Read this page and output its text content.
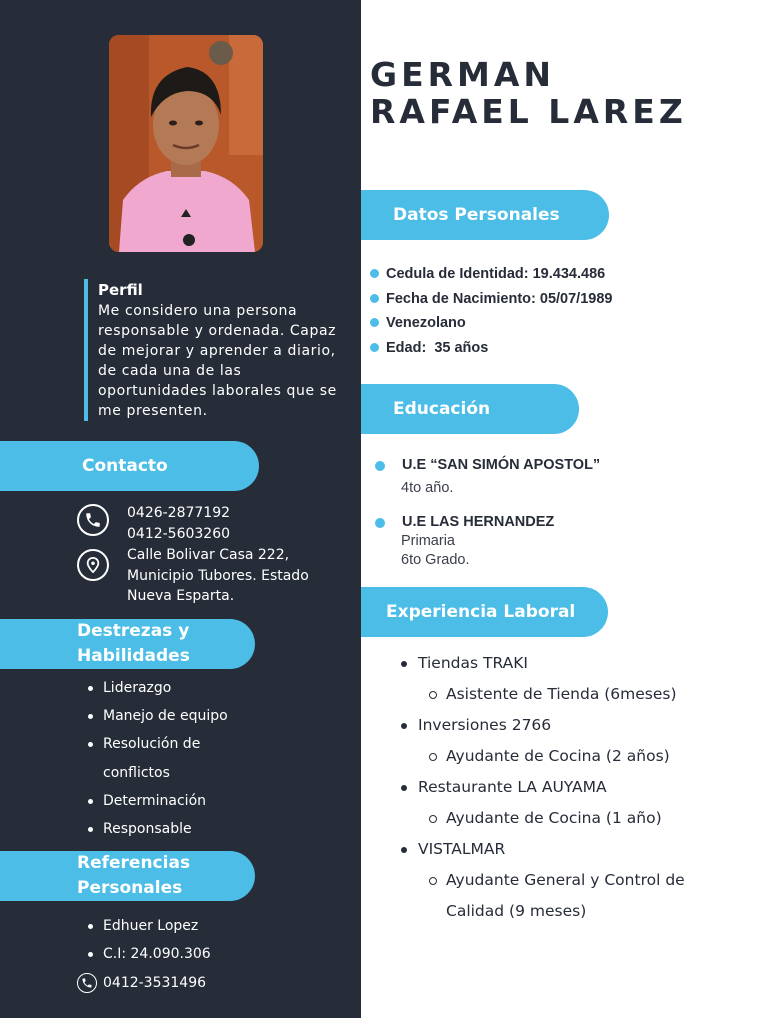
Perfil
Me considero una persona responsable y ordenada. Capaz de mejorar y aprender a diario, de cada una de las oportunidades laborales que se me presenten.
Contacto
0426-2877192
0412-5603260
Calle Bolivar Casa 222, Municipio Tubores. Estado Nueva Esparta.
Destrezas y
Habilidades
Liderazgo
Manejo de equipo
Resolución de conflictos
Determinación
Responsable
Referencias
Personales
Edhuer Lopez
C.I: 24.090.306
0412-3531496
GERMAN
RAFAEL LAREZ
Datos Personales
Cedula de Identidad: 19.434.486
Fecha de Nacimiento: 05/07/1989
Venezolano
Edad:  35 años
Educación
U.E “SAN SIMÓN APOSTOL”
4to año.
U.E LAS HERNANDEZ
Primaria
6to Grado.
Experiencia Laboral
Tiendas TRAKI
Asistente de Tienda (6meses)
Inversiones 2766
Ayudante de Cocina (2 años)
Restaurante LA AUYAMA
Ayudante de Cocina (1 año)
VISTALMAR
Ayudante General y Control de Calidad (9 meses)
